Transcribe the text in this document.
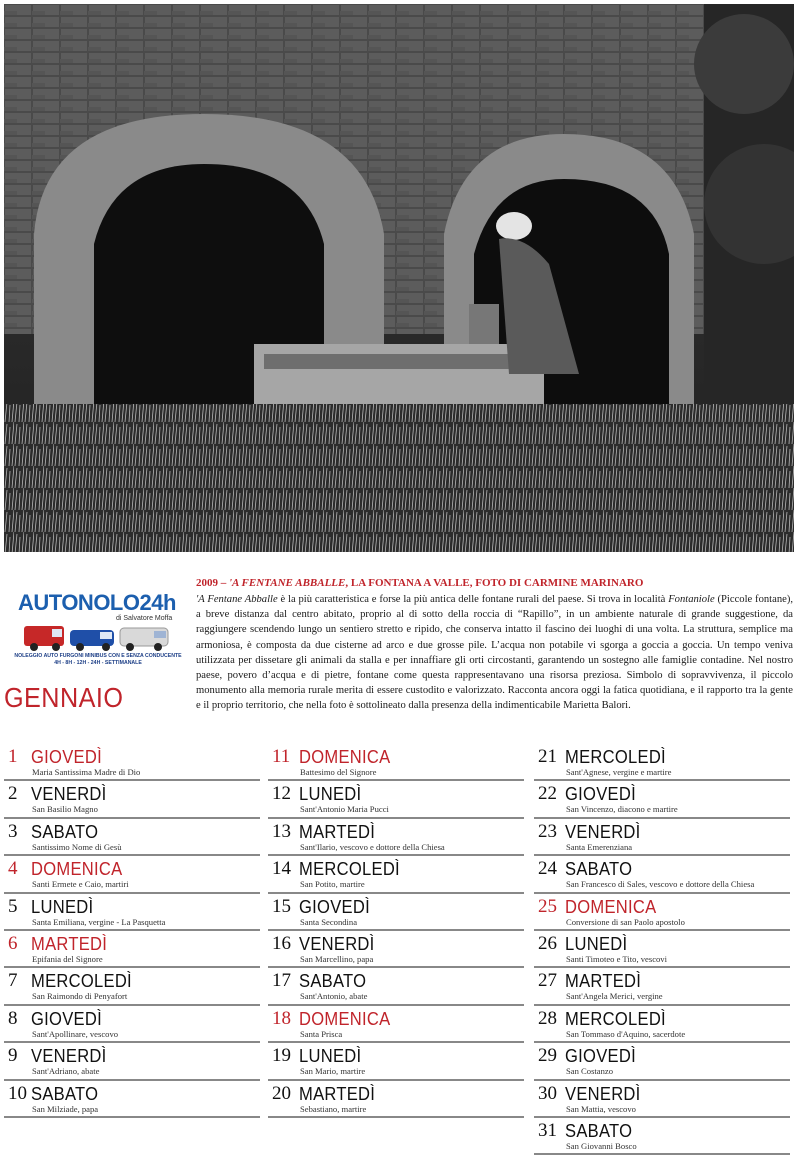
AUTONOLO24h
di Salvatore Moffa
NOLEGGIO AUTO FURGONI MINIBUS CON E SENZA CONDUCENTE
4H - 8H - 12H - 24H - SETTIMANALE
GENNAIO
2009 – 'A FENTANE ABBALLE, LA FONTANA A VALLE, FOTO DI CARMINE MARINARO
'A Fentane Abballe è la più caratteristica e forse la più antica delle fontane rurali del paese. Si trova in località Fontaniole (Piccole fontane), a breve distanza dal centro abitato, proprio al di sotto della roccia di “Rapillo”, in un ambiente naturale di grande suggestione, da raggiungere scendendo lungo un sentiero stretto e ripido, che conserva intatto il fascino dei luoghi di una volta. La struttura, semplice ma armoniosa, è composta da due cisterne ad arco e due grosse pile. L’acqua non potabile vi sgorga a goccia a goccia. Un tempo veniva utilizzata per dissetare gli animali da stalla e per innaffiare gli orti circostanti, garantendo un sostegno alle famiglie contadine. Nel nostro paese, povero d’acqua e di pietre, fontane come questa rappresentavano una risorsa preziosa. Simbolo di sopravvivenza, il piccolo monumento alla memoria rurale merita di essere custodito e valorizzato. Racconta ancora oggi la fatica quotidiana, e il rapporto tra la gente e il proprio territorio, che nella foto è sottolineato dalla presenza della indimenticabile Marietta Balori.
1 GIOVEDÌ
Maria Santissima Madre di Dio
2 VENERDÌ
San Basilio Magno
3 SABATO
Santissimo Nome di Gesù
4 DOMENICA
Santi Ermete e Caio, martiri
5 LUNEDÌ
Santa Emiliana, vergine - La Pasquetta
6 MARTEDÌ
Epifania del Signore
7 MERCOLEDÌ
San Raimondo di Penyafort
8 GIOVEDÌ
Sant'Apollinare, vescovo
9 VENERDÌ
Sant'Adriano, abate
10 SABATO
San Milziade, papa
11 DOMENICA
Battesimo del Signore
12 LUNEDÌ
Sant'Antonio Maria Pucci
13 MARTEDÌ
Sant'Ilario, vescovo e dottore della Chiesa
14 MERCOLEDÌ
San Potito, martire
15 GIOVEDÌ
Santa Secondina
16 VENERDÌ
San Marcellino, papa
17 SABATO
Sant'Antonio, abate
18 DOMENICA
Santa Prisca
19 LUNEDÌ
San Mario, martire
20 MARTEDÌ
Sebastiano, martire
21 MERCOLEDÌ
Sant'Agnese, vergine e martire
22 GIOVEDÌ
San Vincenzo, diacono e martire
23 VENERDÌ
Santa Emerenziana
24 SABATO
San Francesco di Sales, vescovo e dottore della Chiesa
25 DOMENICA
Conversione di san Paolo apostolo
26 LUNEDÌ
Santi Timoteo e Tito, vescovi
27 MARTEDÌ
Sant'Angela Merici, vergine
28 MERCOLEDÌ
San Tommaso d'Aquino, sacerdote
29 GIOVEDÌ
San Costanzo
30 VENERDÌ
San Mattia, vescovo
31 SABATO
San Giovanni Bosco
